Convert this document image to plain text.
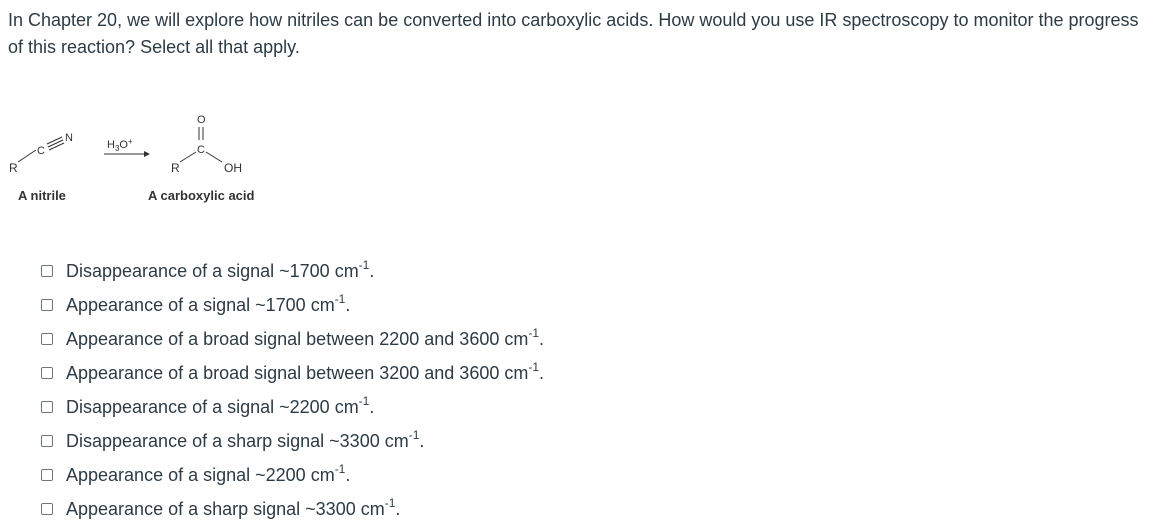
In Chapter 20, we will explore how nitriles can be converted into carboxylic acids. How would you use IR spectroscopy to monitor the progress of this reaction? Select all that apply.

R
C
N
$H_3O^+$
O
C
R	OH
A nitrile	A carboxylic acid
Disappearance of a signal ~1700 $cm^{-1}$.
Appearance of a signal ~1700 $cm^{-1}$.
Appearance of a broad signal between 2200 and 3600 $cm^{-1}$.
Appearance of a broad signal between 3200 and 3600 $cm^{-1}$.
Disappearance of a signal ~2200 $cm^{-1}$.
Disappearance of a sharp signal ~3300 $cm^{-1}$.
Appearance of a signal ~2200 $cm^{-1}$.
Appearance of a sharp signal ~3300 $cm^{-1}$.
